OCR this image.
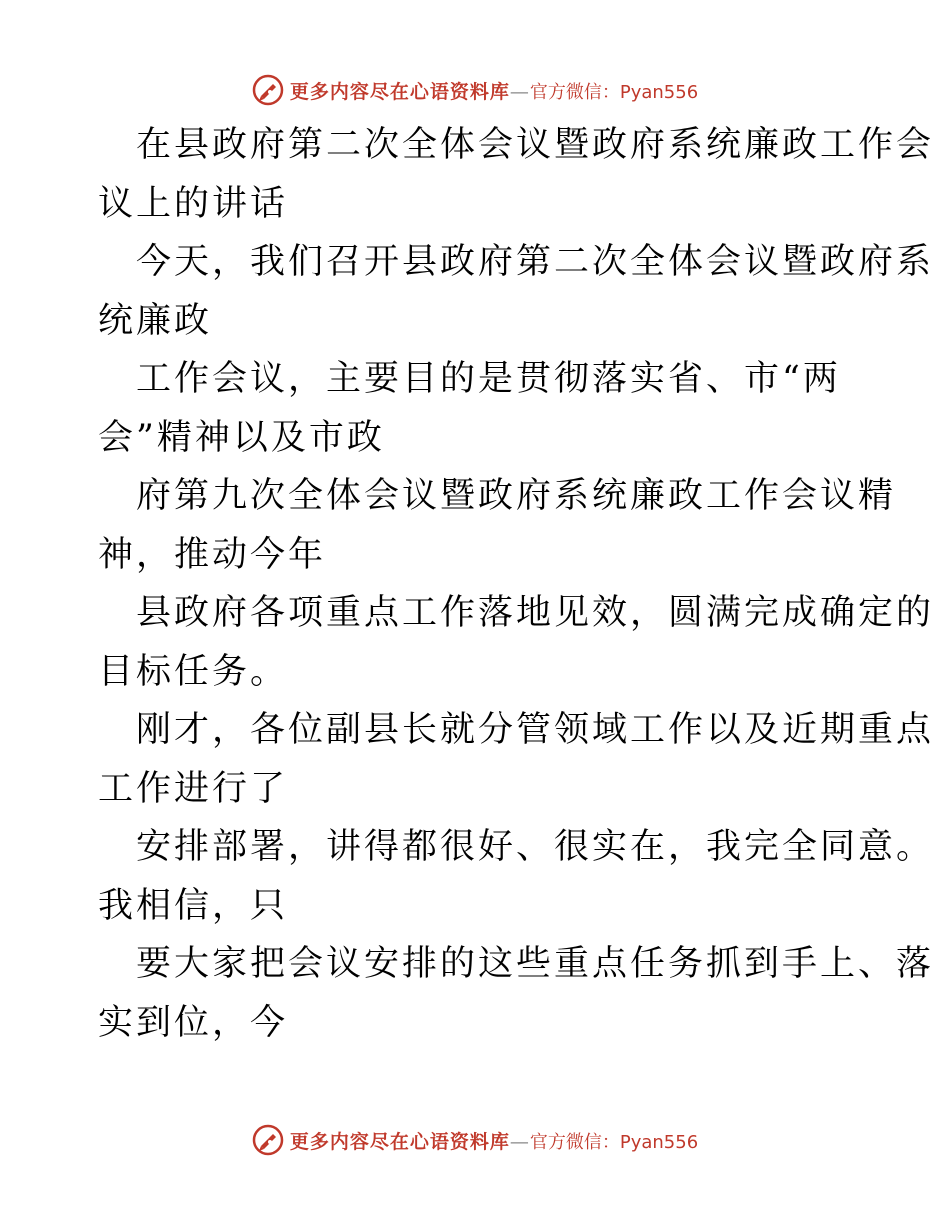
更多内容尽在心语资料库—官方微信：Pyan556
在县政府第二次全体会议暨政府系统廉政工作会
议上的讲话
今天，我们召开县政府第二次全体会议暨政府系
统廉政
工作会议，主要目的是贯彻落实省、市“两
会”精神以及市政
府第九次全体会议暨政府系统廉政工作会议精
神，推动今年
县政府各项重点工作落地见效，圆满完成确定的
目标任务。
刚才，各位副县长就分管领域工作以及近期重点
工作进行了
安排部署，讲得都很好、很实在，我完全同意。
我相信，只
要大家把会议安排的这些重点任务抓到手上、落
实到位，今
更多内容尽在心语资料库—官方微信：Pyan556
